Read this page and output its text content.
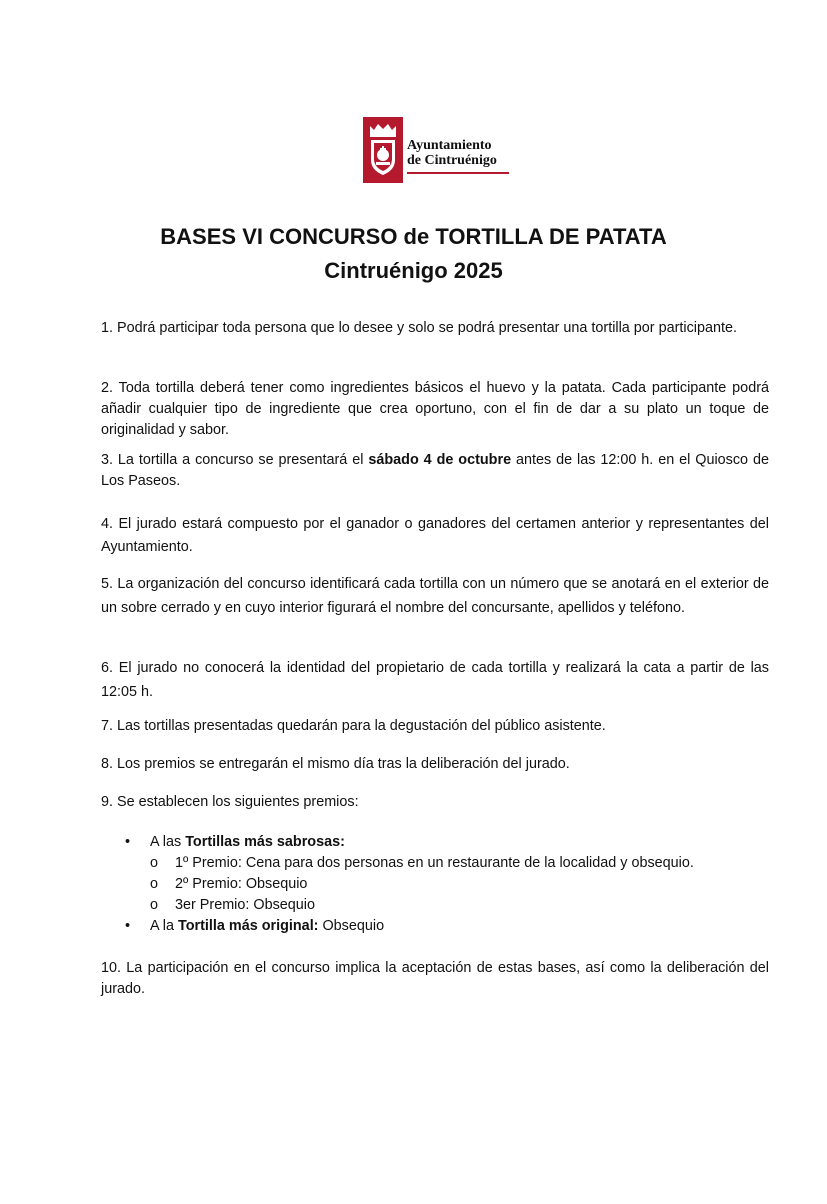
Ayuntamiento
de Cintruénigo
BASES VI CONCURSO de TORTILLA DE PATATA
Cintruénigo 2025
1. Podrá participar toda persona que lo desee y solo se podrá presentar una tortilla por participante.
2. Toda tortilla deberá tener como ingredientes básicos el huevo y la patata. Cada participante podrá añadir cualquier tipo de ingrediente que crea oportuno, con el fin de dar a su plato un toque de originalidad y sabor.
3. La tortilla a concurso se presentará el sábado 4 de octubre antes de las 12:00 h. en el Quiosco de Los Paseos.
4. El jurado estará compuesto por el ganador o ganadores del certamen anterior y representantes del Ayuntamiento.
5. La organización del concurso identificará cada tortilla con un número que se anotará en el exterior de un sobre cerrado y en cuyo interior figurará el nombre del concursante, apellidos y teléfono.
6. El jurado no conocerá la identidad del propietario de cada tortilla y realizará la cata a partir de las 12:05 h.
7. Las tortillas presentadas quedarán para la degustación del público asistente.
8. Los premios se entregarán el mismo día tras la deliberación del jurado.
9. Se establecen los siguientes premios:
• A las Tortillas más sabrosas:
o 1º Premio: Cena para dos personas en un restaurante de la localidad y obsequio.
o 2º Premio: Obsequio
o 3er Premio: Obsequio
• A la Tortilla más original: Obsequio
10. La participación en el concurso implica la aceptación de estas bases, así como la deliberación del jurado.
